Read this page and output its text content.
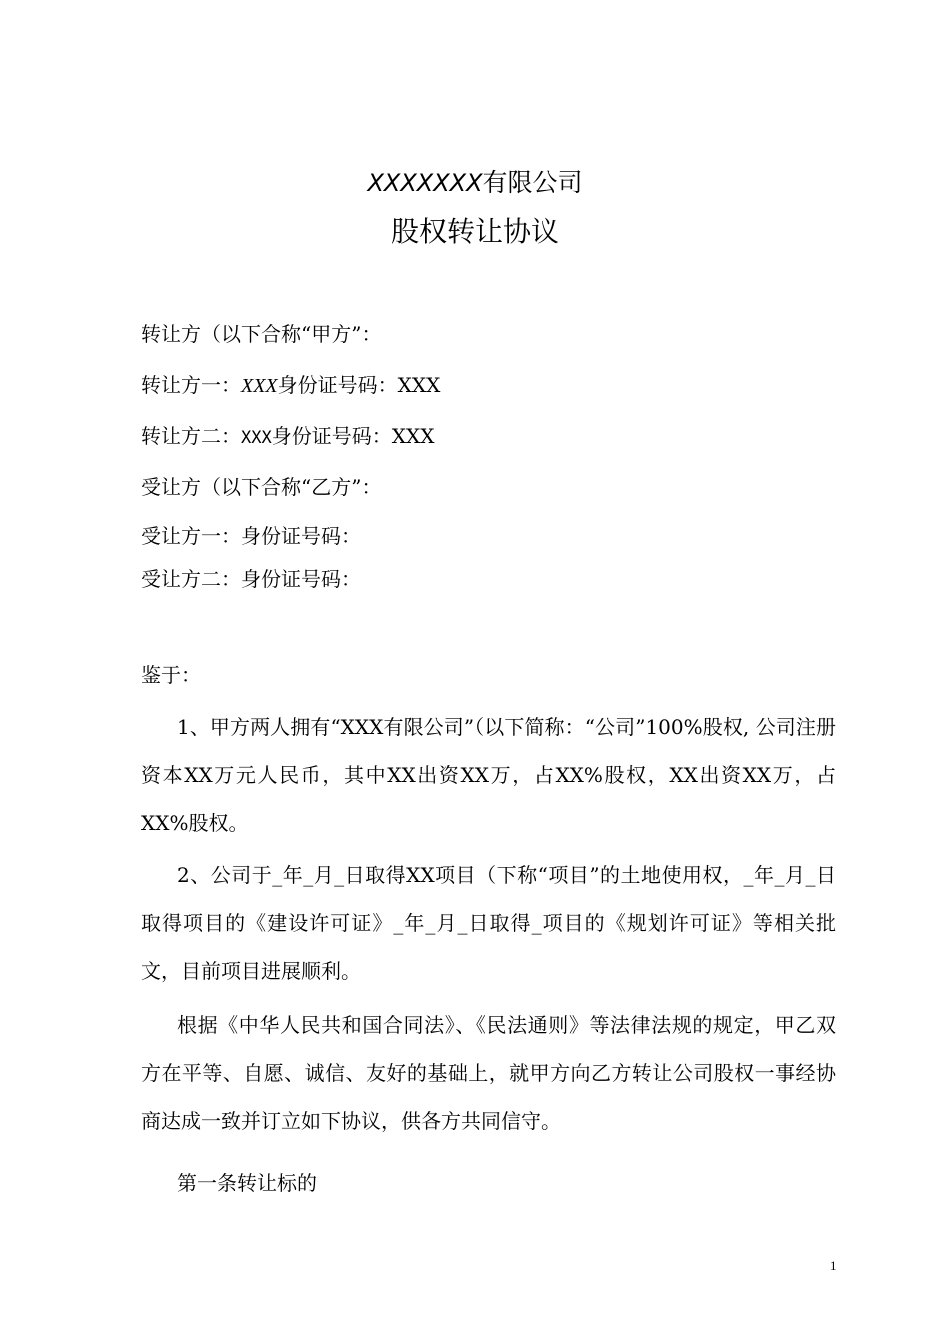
XXXXXXX有限公司
股权转让协议

转让方（以下合称“甲方”：

转让方一：XXX身份证号码：XXX

转让方二：XXX身份证号码：XXX

受让方（以下合称“乙方”：

受让方一：身份证号码：

受让方二：身份证号码：

鉴于：

1、甲方两人拥有“XXX有限公司”（以下简称：“公司”100%股权, 公司注册资本XX万元人民币，其中XX出资XX万，占XX%股权，XX出资XX万，占XX%股权。

2、公司于_年_月_日取得XX项目（下称“项目”的土地使用权，_年_月_日取得项目的《建设许可证》_年_月_日取得_项目的《规划许可证》等相关批文，目前项目进展顺利。

根据《中华人民共和国合同法》、《民法通则》等法律法规的规定，甲乙双方在平等、自愿、诚信、友好的基础上，就甲方向乙方转让公司股权一事经协商达成一致并订立如下协议，供各方共同信守。

第一条转让标的

1
